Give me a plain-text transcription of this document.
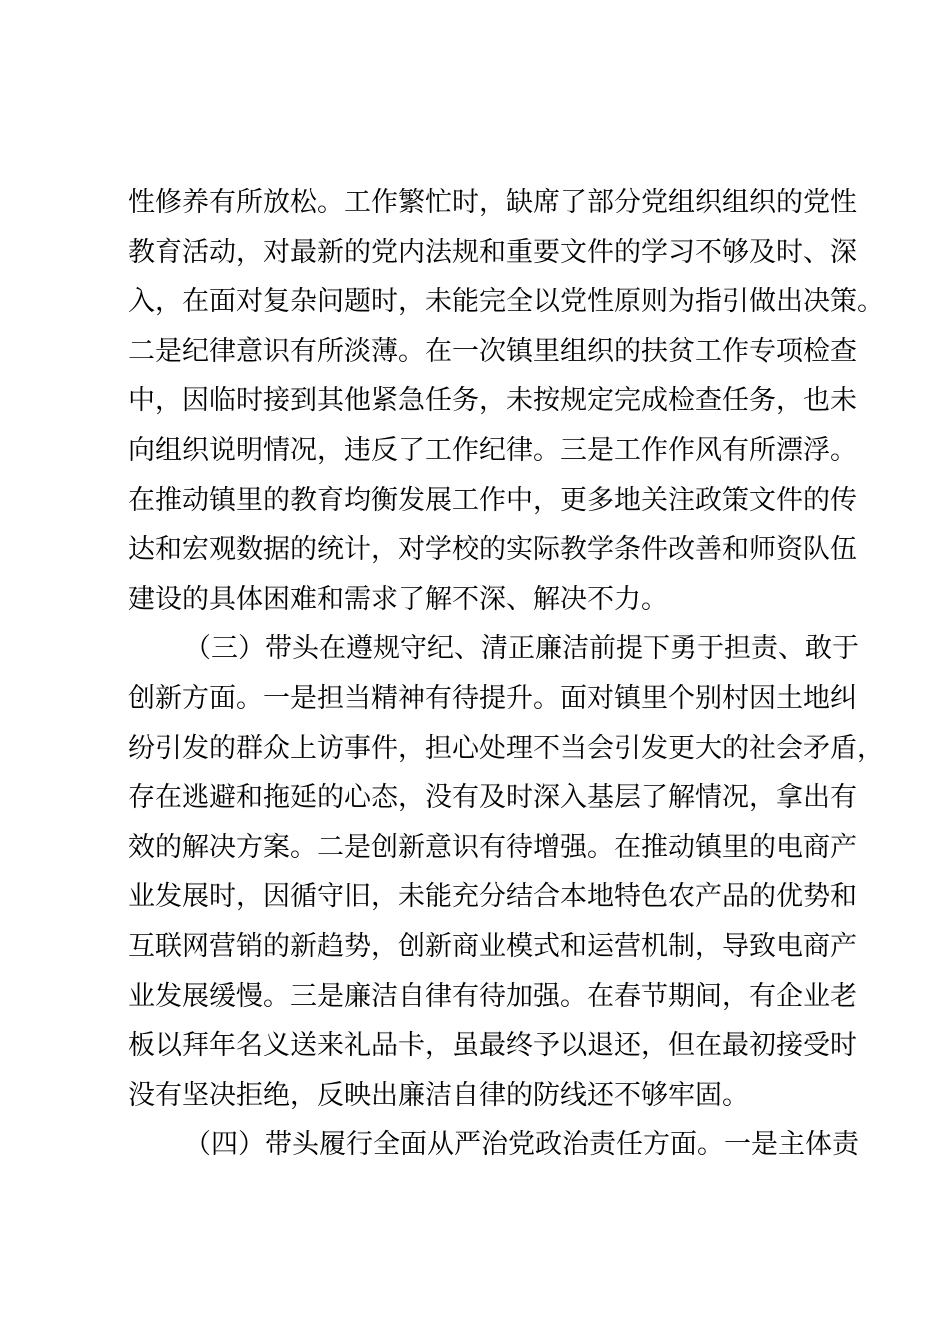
性修养有所放松。工作繁忙时，缺席了部分党组织组织的党性
教育活动，对最新的党内法规和重要文件的学习不够及时、深
入，在面对复杂问题时，未能完全以党性原则为指引做出决策。
二是纪律意识有所淡薄。在一次镇里组织的扶贫工作专项检查
中，因临时接到其他紧急任务，未按规定完成检查任务，也未
向组织说明情况，违反了工作纪律。三是工作作风有所漂浮。
在推动镇里的教育均衡发展工作中，更多地关注政策文件的传
达和宏观数据的统计，对学校的实际教学条件改善和师资队伍
建设的具体困难和需求了解不深、解决不力。
（三）带头在遵规守纪、清正廉洁前提下勇于担责、敢于
创新方面。一是担当精神有待提升。面对镇里个别村因土地纠
纷引发的群众上访事件，担心处理不当会引发更大的社会矛盾，
存在逃避和拖延的心态，没有及时深入基层了解情况，拿出有
效的解决方案。二是创新意识有待增强。在推动镇里的电商产
业发展时，因循守旧，未能充分结合本地特色农产品的优势和
互联网营销的新趋势，创新商业模式和运营机制，导致电商产
业发展缓慢。三是廉洁自律有待加强。在春节期间，有企业老
板以拜年名义送来礼品卡，虽最终予以退还，但在最初接受时
没有坚决拒绝，反映出廉洁自律的防线还不够牢固。
（四）带头履行全面从严治党政治责任方面。一是主体责
